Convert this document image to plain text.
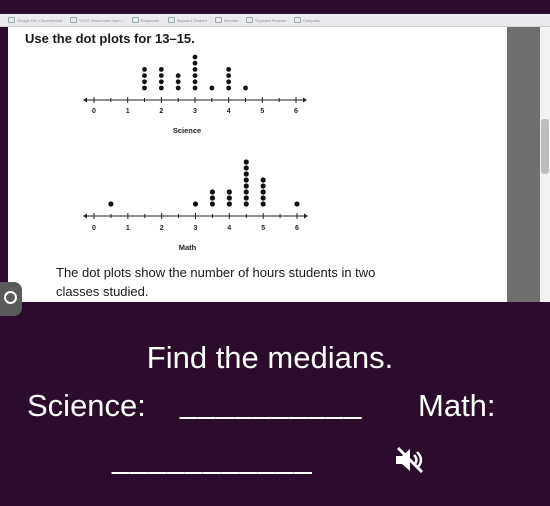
Google DR, Chromebook	TCCS Resources Sprin...	Edupuzzle	Skyward Student	Schoolo	Skyward Finance	Compass
Use the dot plots for 13–15.
0	1	2	3	4	5	6
Science
0	1	2	3	4	5	6
Math
The dot plots show the number of hours students in two classes studied.
Find the medians.
Science: __________ Math:
___________
